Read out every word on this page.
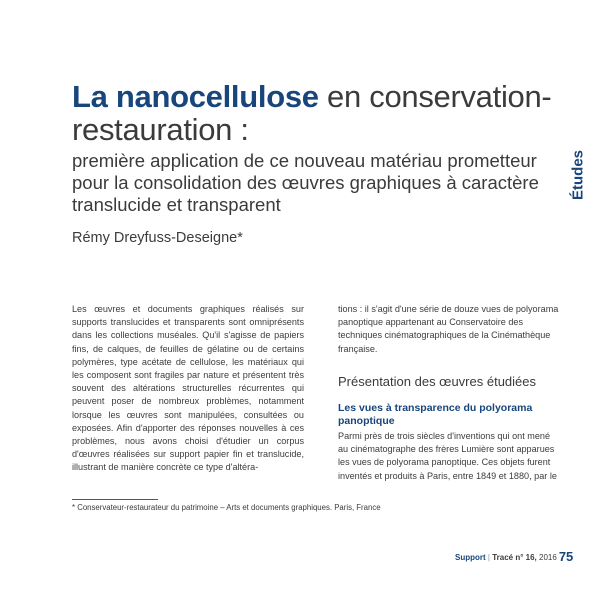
La nanocellulose en conservation-restauration :

première application de ce nouveau matériau prometteur pour la consolidation des œuvres graphiques à caractère translucide et transparent

Rémy Dreyfuss-Deseigne*

Études

Les œuvres et documents graphiques réalisés sur supports translucides et transparents sont omniprésents dans les collections muséales. Qu'il s'agisse de papiers fins, de calques, de feuilles de gélatine ou de certains polymères, type acétate de cellulose, les matériaux qui les composent sont fragiles par nature et présentent très souvent des altérations structurelles récurrentes qui peuvent poser de nombreux problèmes, notamment lorsque les œuvres sont manipulées, consultées ou exposées. Afin d'apporter des réponses nouvelles à ces problèmes, nous avons choisi d'étudier un corpus d'œuvres réalisées sur support papier fin et translucide, illustrant de manière concrète ce type d'altéra-

tions : il s'agit d'une série de douze vues de polyorama panoptique appartenant au Conservatoire des techniques cinématographiques de la Cinémathèque française.

Présentation des œuvres étudiées
Les vues à transparence du polyorama panoptique

Parmi près de trois siècles d'inventions qui ont mené au cinématographe des frères Lumière sont apparues les vues de polyorama panoptique. Ces objets furent inventés et produits à Paris, entre 1849 et 1880, par le

* Conservateur-restaurateur du patrimoine – Arts et documents graphiques. Paris, France

Support | Tracé n° 16, 2016 75
